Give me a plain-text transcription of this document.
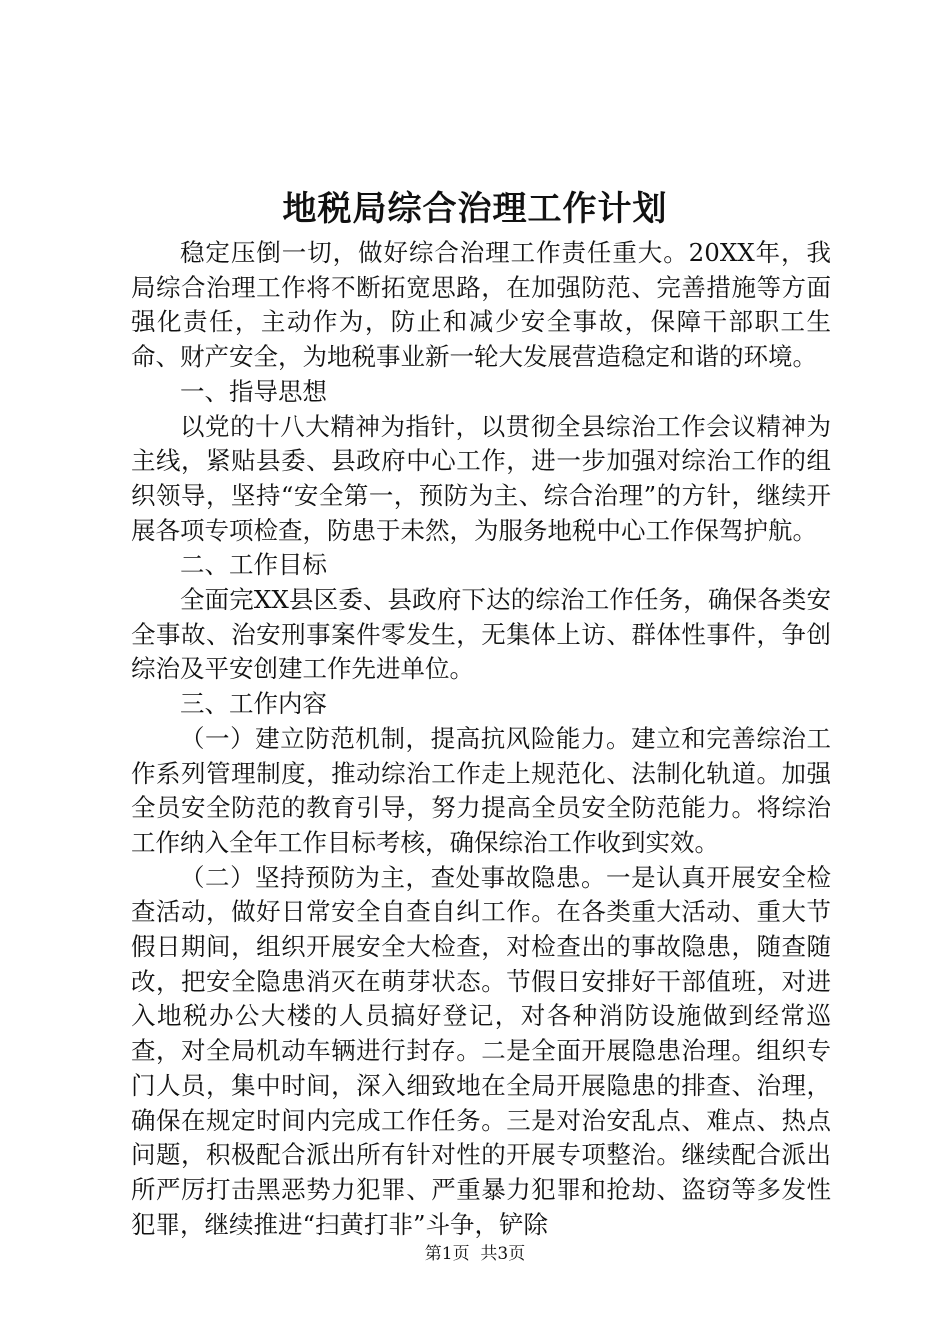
地税局综合治理工作计划

稳定压倒一切，做好综合治理工作责任重大。20XX年，我局综合治理工作将不断拓宽思路，在加强防范、完善措施等方面强化责任，主动作为，防止和减少安全事故，保障干部职工生命、财产安全，为地税事业新一轮大发展营造稳定和谐的环境。

一、指导思想

以党的十八大精神为指针，以贯彻全县综治工作会议精神为主线，紧贴县委、县政府中心工作，进一步加强对综治工作的组织领导，坚持“安全第一，预防为主、综合治理”的方针，继续开展各项专项检查，防患于未然，为服务地税中心工作保驾护航。

二、工作目标

全面完XX县区委、县政府下达的综治工作任务，确保各类安全事故、治安刑事案件零发生，无集体上访、群体性事件，争创综治及平安创建工作先进单位。

三、工作内容

（一）建立防范机制，提高抗风险能力。建立和完善综治工作系列管理制度，推动综治工作走上规范化、法制化轨道。加强全员安全防范的教育引导，努力提高全员安全防范能力。将综治工作纳入全年工作目标考核，确保综治工作收到实效。

（二）坚持预防为主，查处事故隐患。一是认真开展安全检查活动，做好日常安全自查自纠工作。在各类重大活动、重大节假日期间，组织开展安全大检查，对检查出的事故隐患，随查随改，把安全隐患消灭在萌芽状态。节假日安排好干部值班，对进入地税办公大楼的人员搞好登记，对各种消防设施做到经常巡查，对全局机动车辆进行封存。二是全面开展隐患治理。组织专门人员，集中时间，深入细致地在全局开展隐患的排查、治理，确保在规定时间内完成工作任务。三是对治安乱点、难点、热点问题，积极配合派出所有针对性的开展专项整治。继续配合派出所严厉打击黑恶势力犯罪、严重暴力犯罪和抢劫、盗窃等多发性犯罪，继续推进“扫黄打非”斗争，铲除

第1页  共3页
